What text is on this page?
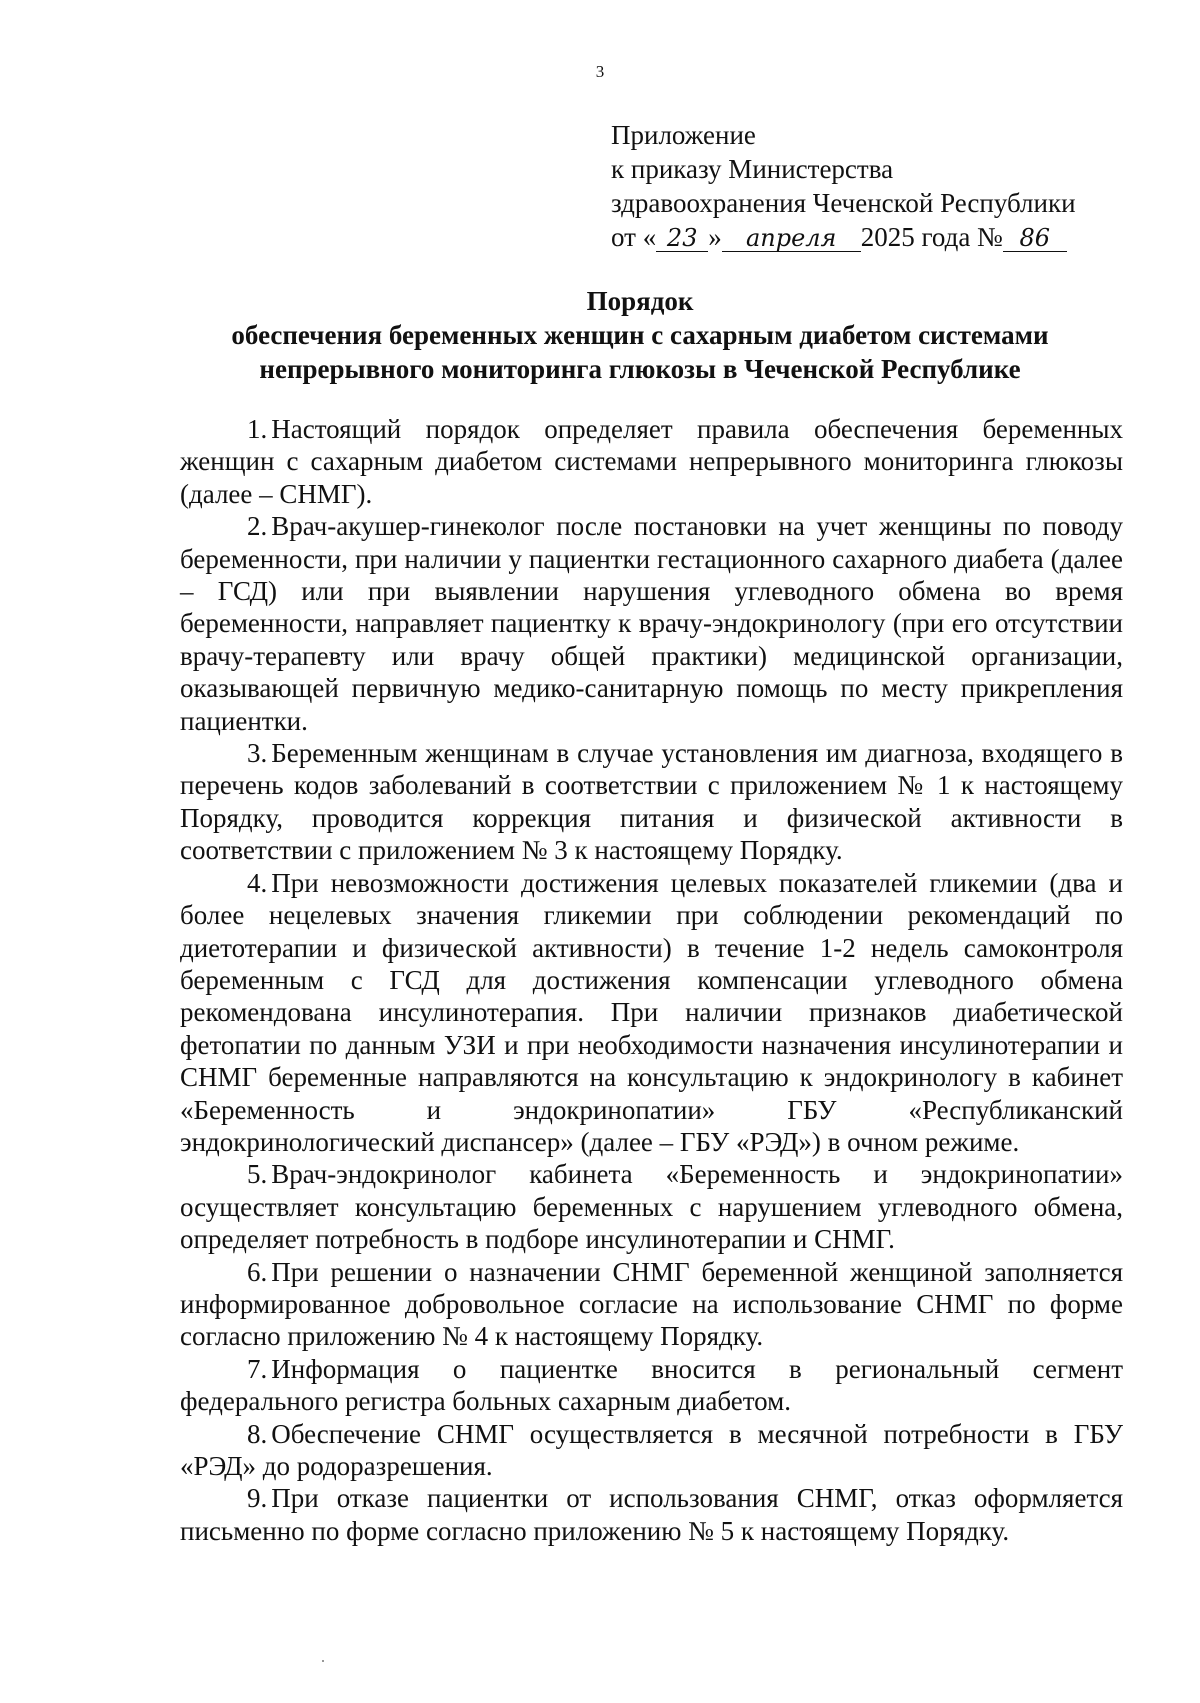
3
Приложение
к приказу Министерства
здравоохранения Чеченской Республики
от « 23 » апреля 2025 года № 86
Порядок
обеспечения беременных женщин с сахарным диабетом системами
непрерывного мониторинга глюкозы в Чеченской Республике

1. Настоящий порядок определяет правила обеспечения беременных женщин с сахарным диабетом системами непрерывного мониторинга глюкозы (далее – СНМГ).

2. Врач-акушер-гинеколог после постановки на учет женщины по поводу беременности, при наличии у пациентки гестационного сахарного диабета (далее – ГСД) или при выявлении нарушения углеводного обмена во время беременности, направляет пациентку к врачу-эндокринологу (при его отсутствии врачу-терапевту или врачу общей практики) медицинской организации, оказывающей первичную медико-санитарную помощь по месту прикрепления пациентки.

3. Беременным женщинам в случае установления им диагноза, входящего в перечень кодов заболеваний в соответствии с приложением № 1 к настоящему Порядку, проводится коррекция питания и физической активности в соответствии с приложением № 3 к настоящему Порядку.

4. При невозможности достижения целевых показателей гликемии (два и более нецелевых значения гликемии при соблюдении рекомендаций по диетотерапии и физической активности) в течение 1-2 недель самоконтроля беременным с ГСД для достижения компенсации углеводного обмена рекомендована инсулинотерапия. При наличии признаков диабетической фетопатии по данным УЗИ и при необходимости назначения инсулинотерапии и СНМГ беременные направляются на консультацию к эндокринологу в кабинет «Беременность и эндокринопатии» ГБУ «Республиканский эндокринологический диспансер» (далее – ГБУ «РЭД») в очном режиме.

5. Врач-эндокринолог кабинета «Беременность и эндокринопатии» осуществляет консультацию беременных с нарушением углеводного обмена, определяет потребность в подборе инсулинотерапии и СНМГ.

6. При решении о назначении СНМГ беременной женщиной заполняется информированное добровольное согласие на использование СНМГ по форме согласно приложению № 4 к настоящему Порядку.

7. Информация о пациентке вносится в региональный сегмент федерального регистра больных сахарным диабетом.

8. Обеспечение СНМГ осуществляется в месячной потребности в ГБУ «РЭД» до родоразрешения.

9. При отказе пациентки от использования СНМГ, отказ оформляется письменно по форме согласно приложению № 5 к настоящему Порядку.
